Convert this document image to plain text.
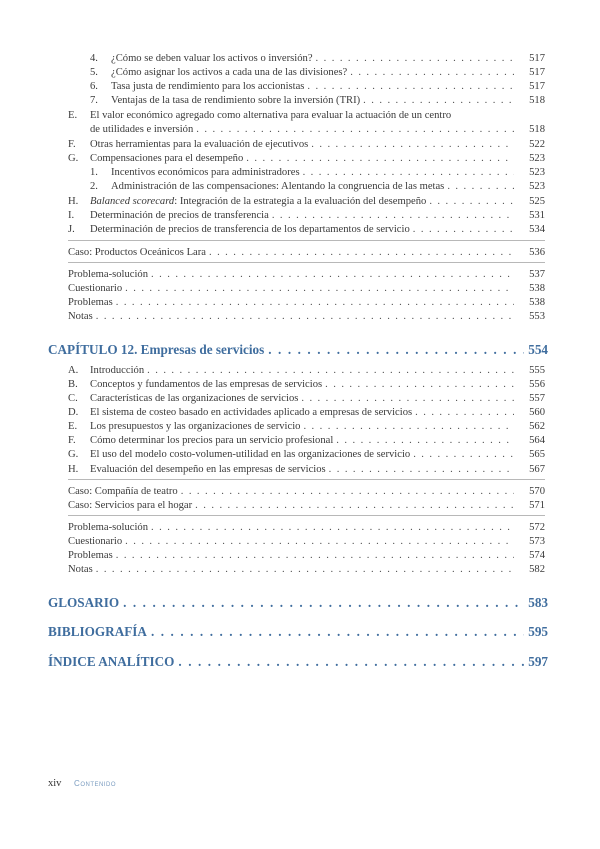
4.	¿Cómo se deben valuar los activos o inversión? . . .	517
5.	¿Cómo asignar los activos a cada una de las divisiones? . . .	517
6.	Tasa justa de rendimiento para los accionistas . . .	517
7.	Ventajas de la tasa de rendimiento sobre la inversión (TRI) . . .	518
E. El valor económico agregado como alternativa para evaluar la actuación de un centro
de utilidades e inversión . . .	518
F.	Otras herramientas para la evaluación de ejecutivos . . .	522
G.	Compensaciones para el desempeño . . .	523
1.	Incentivos económicos para administradores . . .	523
2.	Administración de las compensaciones: Alentando la congruencia de las metas . . .	523
H.	Balanced scorecard: Integración de la estrategia a la evaluación del desempeño . . .	525
I.	Determinación de precios de transferencia . . .	531
J.	Determinación de precios de transferencia de los departamentos de servicio . . .	534
Caso: Productos Oceánicos Lara . . .	536
Problema-solución . . .	537
Cuestionario . . .	538
Problemas . . .	538
Notas . . .	553
CAPÍTULO 12. Empresas de servicios . . .	554
A.	Introducción . . .	555
B.	Conceptos y fundamentos de las empresas de servicios . . .	556
C.	Características de las organizaciones de servicios . . .	557
D.	El sistema de costeo basado en actividades aplicado a empresas de servicios . . .	560
E.	Los presupuestos y las organizaciones de servicio . . .	562
F.	Cómo determinar los precios para un servicio profesional . . .	564
G.	El uso del modelo costo-volumen-utilidad en las organizaciones de servicio . . .	565
H.	Evaluación del desempeño en las empresas de servicios . . .	567
Caso: Compañía de teatro . . .	570
Caso: Servicios para el hogar . . .	571
Problema-solución . . .	572
Cuestionario . . .	573
Problemas . . .	574
Notas . . .	582
GLOSARIO . . .	583
BIBLIOGRAFÍA . . .	595
ÍNDICE ANALÍTICO . . .	597
xiv Contenido
